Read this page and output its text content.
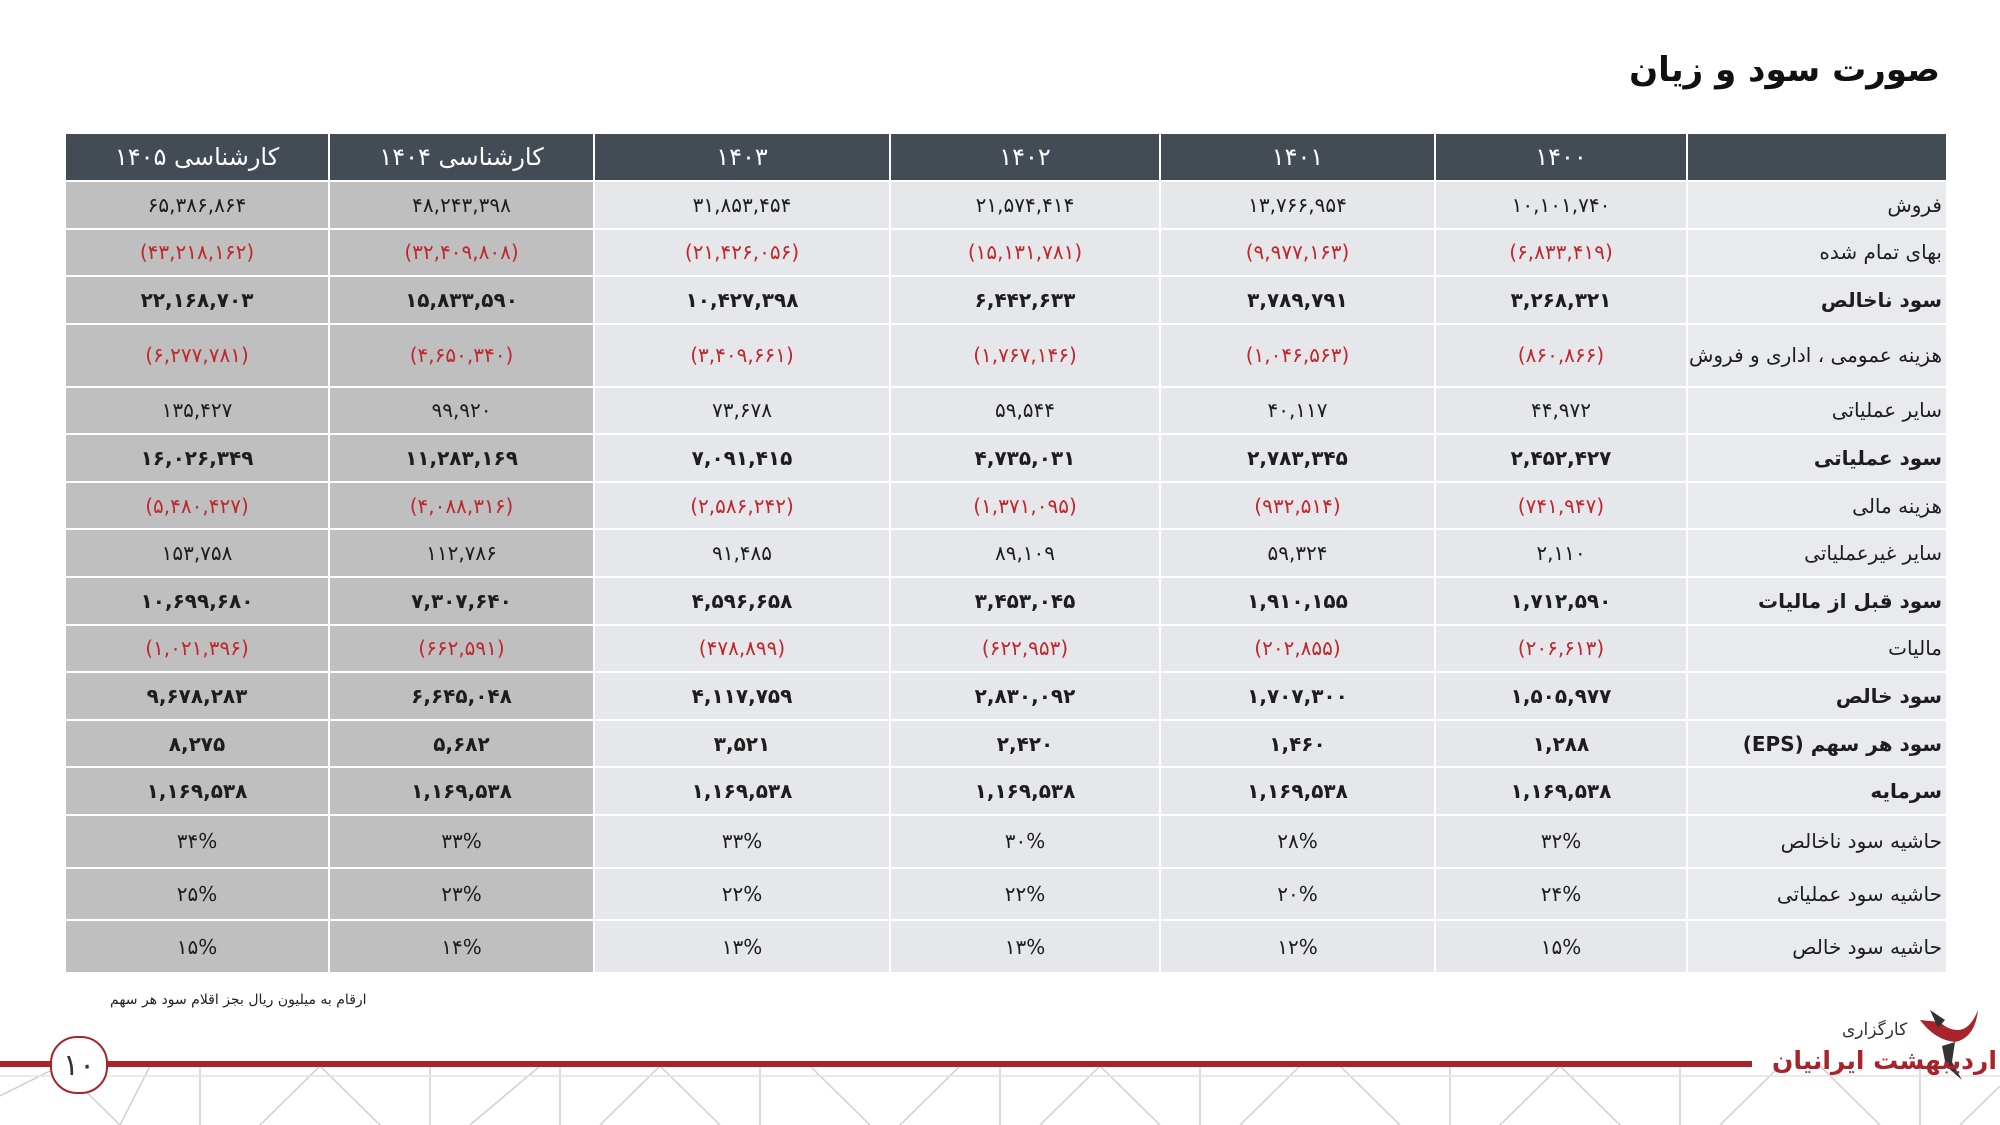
صورت سود و زیان
	۱۴۰۰	۱۴۰۱	۱۴۰۲	۱۴۰۳	کارشناسی ۱۴۰۴	کارشناسی ۱۴۰۵
فروش	۱۰,۱۰۱,۷۴۰	۱۳,۷۶۶,۹۵۴	۲۱,۵۷۴,۴۱۴	۳۱,۸۵۳,۴۵۴	۴۸,۲۴۳,۳۹۸	۶۵,۳۸۶,۸۶۴
بهای تمام شده	(۶,۸۳۳,۴۱۹)	(۹,۹۷۷,۱۶۳)	(۱۵,۱۳۱,۷۸۱)	(۲۱,۴۲۶,۰۵۶)	(۳۲,۴۰۹,۸۰۸)	(۴۳,۲۱۸,۱۶۲)
سود ناخالص	۳,۲۶۸,۳۲۱	۳,۷۸۹,۷۹۱	۶,۴۴۲,۶۳۳	۱۰,۴۲۷,۳۹۸	۱۵,۸۳۳,۵۹۰	۲۲,۱۶۸,۷۰۳
هزینه عمومی ، اداری و فروش	(۸۶۰,۸۶۶)	(۱,۰۴۶,۵۶۳)	(۱,۷۶۷,۱۴۶)	(۳,۴۰۹,۶۶۱)	(۴,۶۵۰,۳۴۰)	(۶,۲۷۷,۷۸۱)
سایر عملیاتی	۴۴,۹۷۲	۴۰,۱۱۷	۵۹,۵۴۴	۷۳,۶۷۸	۹۹,۹۲۰	۱۳۵,۴۲۷
سود عملیاتی	۲,۴۵۲,۴۲۷	۲,۷۸۳,۳۴۵	۴,۷۳۵,۰۳۱	۷,۰۹۱,۴۱۵	۱۱,۲۸۳,۱۶۹	۱۶,۰۲۶,۳۴۹
هزینه مالی	(۷۴۱,۹۴۷)	(۹۳۲,۵۱۴)	(۱,۳۷۱,۰۹۵)	(۲,۵۸۶,۲۴۲)	(۴,۰۸۸,۳۱۶)	(۵,۴۸۰,۴۲۷)
سایر غیرعملیاتی	۲,۱۱۰	۵۹,۳۲۴	۸۹,۱۰۹	۹۱,۴۸۵	۱۱۲,۷۸۶	۱۵۳,۷۵۸
سود قبل از مالیات	۱,۷۱۲,۵۹۰	۱,۹۱۰,۱۵۵	۳,۴۵۳,۰۴۵	۴,۵۹۶,۶۵۸	۷,۳۰۷,۶۴۰	۱۰,۶۹۹,۶۸۰
مالیات	(۲۰۶,۶۱۳)	(۲۰۲,۸۵۵)	(۶۲۲,۹۵۳)	(۴۷۸,۸۹۹)	(۶۶۲,۵۹۱)	(۱,۰۲۱,۳۹۶)
سود خالص	۱,۵۰۵,۹۷۷	۱,۷۰۷,۳۰۰	۲,۸۳۰,۰۹۲	۴,۱۱۷,۷۵۹	۶,۶۴۵,۰۴۸	۹,۶۷۸,۲۸۳
سود هر سهم (EPS)	۱,۲۸۸	۱,۴۶۰	۲,۴۲۰	۳,۵۲۱	۵,۶۸۲	۸,۲۷۵
سرمایه	۱,۱۶۹,۵۳۸	۱,۱۶۹,۵۳۸	۱,۱۶۹,۵۳۸	۱,۱۶۹,۵۳۸	۱,۱۶۹,۵۳۸	۱,۱۶۹,۵۳۸
حاشیه سود ناخالص	۳۲%	۲۸%	۳۰%	۳۳%	۳۳%	۳۴%
حاشیه سود عملیاتی	۲۴%	۲۰%	۲۲%	۲۲%	۲۳%	۲۵%
حاشیه سود خالص	۱۵%	۱۲%	۱۳%	۱۳%	۱۴%	۱۵%
ارقام به میلیون ریال بجز اقلام سود هر سهم
۱۰
کارگزاری
اردیبهشت ایرانیان
